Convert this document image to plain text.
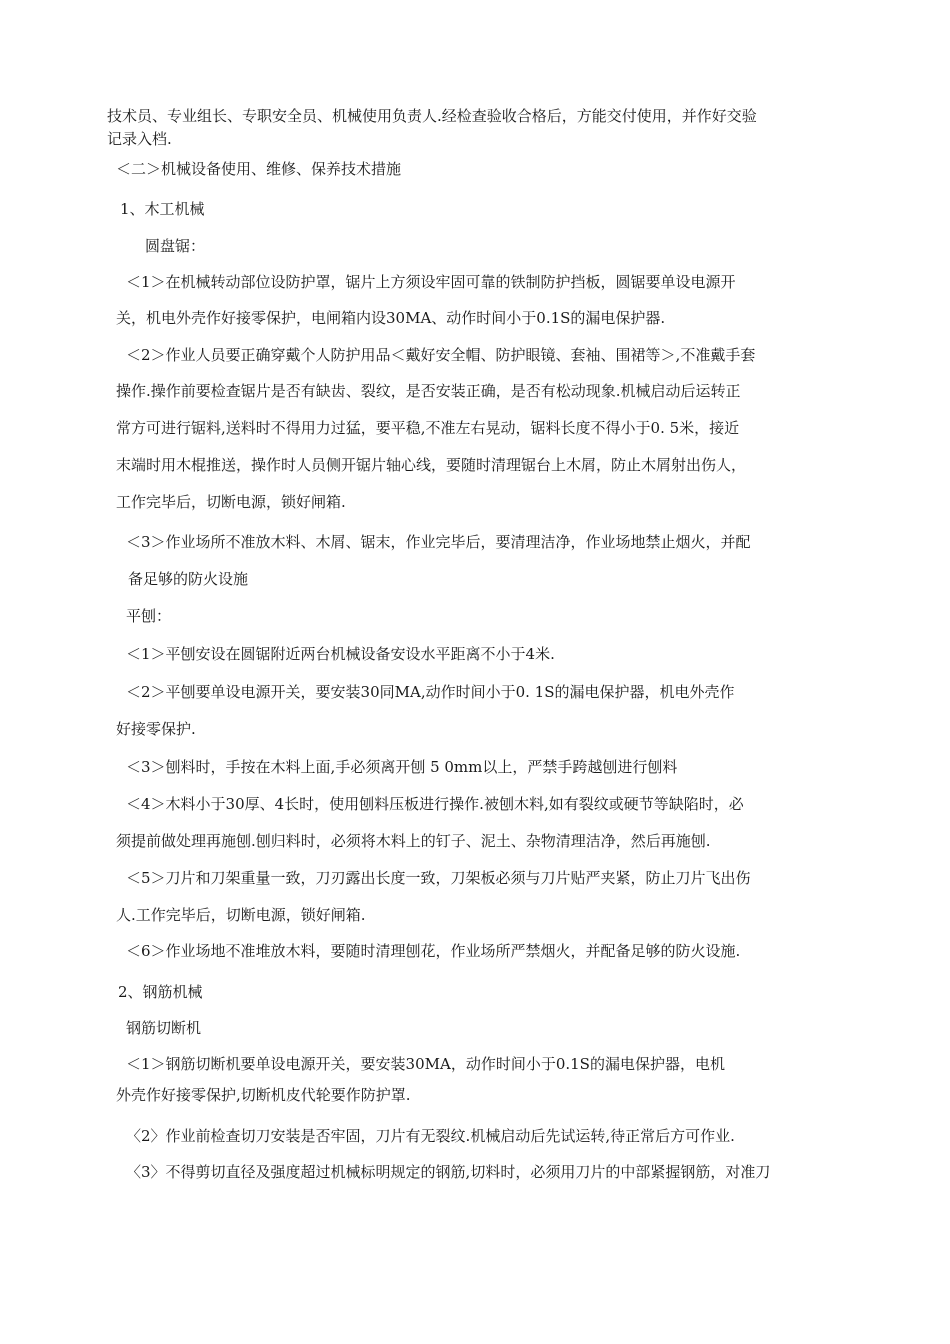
技术员、专业组长、专职安全员、机械使用负责人.经检查验收合格后，方能交付使用，并作好交验
记录入档.
＜二＞机械设备使用、维修、保养技术措施
1、木工机械
圆盘锯：
＜1＞在机械转动部位设防护罩，锯片上方须设牢固可靠的铁制防护挡板，圆锯要单设电源开
关，机电外壳作好接零保护，电闸箱内设30MA、动作时间小于0.1S的漏电保护器.
＜2＞作业人员要正确穿戴个人防护用品＜戴好安全帽、防护眼镜、套袖、围裙等＞,不准戴手套
操作.操作前要检查锯片是否有缺齿、裂纹，是否安装正确，是否有松动现象.机械启动后运转正
常方可进行锯料,送料时不得用力过猛，要平稳,不准左右晃动，锯料长度不得小于0. 5米，接近
末端时用木棍推送，操作时人员侧开锯片轴心线，要随时清理锯台上木屑，防止木屑射出伤人，
工作完毕后，切断电源，锁好闸箱.
＜3＞作业场所不准放木料、木屑、锯末，作业完毕后，要清理洁净，作业场地禁止烟火，并配
备足够的防火设施
平刨：
＜1＞平刨安设在圆锯附近两台机械设备安设水平距离不小于4米.
＜2＞平刨要单设电源开关，要安装30同MA,动作时间小于0. 1S的漏电保护器，机电外壳作
好接零保护.
＜3＞刨料时，手按在木料上面,手必须离开刨 5 0mm以上，严禁手跨越刨进行刨料
＜4＞木料小于30厚、4长时，使用刨料压板进行操作.被刨木料,如有裂纹或硬节等缺陷时，必
须提前做处理再施刨.刨归料时，必须将木料上的钉子、泥土、杂物清理洁净，然后再施刨.
＜5＞刀片和刀架重量一致，刀刃露出长度一致，刀架板必须与刀片贴严夹紧，防止刀片飞出伤
人.工作完毕后，切断电源，锁好闸箱.
＜6＞作业场地不准堆放木料，要随时清理刨花，作业场所严禁烟火，并配备足够的防火设施.
2、钢筋机械
钢筋切断机
＜1＞钢筋切断机要单设电源开关，要安装30MA，动作时间小于0.1S的漏电保护器，电机
外壳作好接零保护,切断机皮代轮要作防护罩.
〈2〉作业前检查切刀安装是否牢固，刀片有无裂纹.机械启动后先试运转,待正常后方可作业.
〈3〉不得剪切直径及强度超过机械标明规定的钢筋,切料时，必须用刀片的中部紧握钢筋，对准刀
